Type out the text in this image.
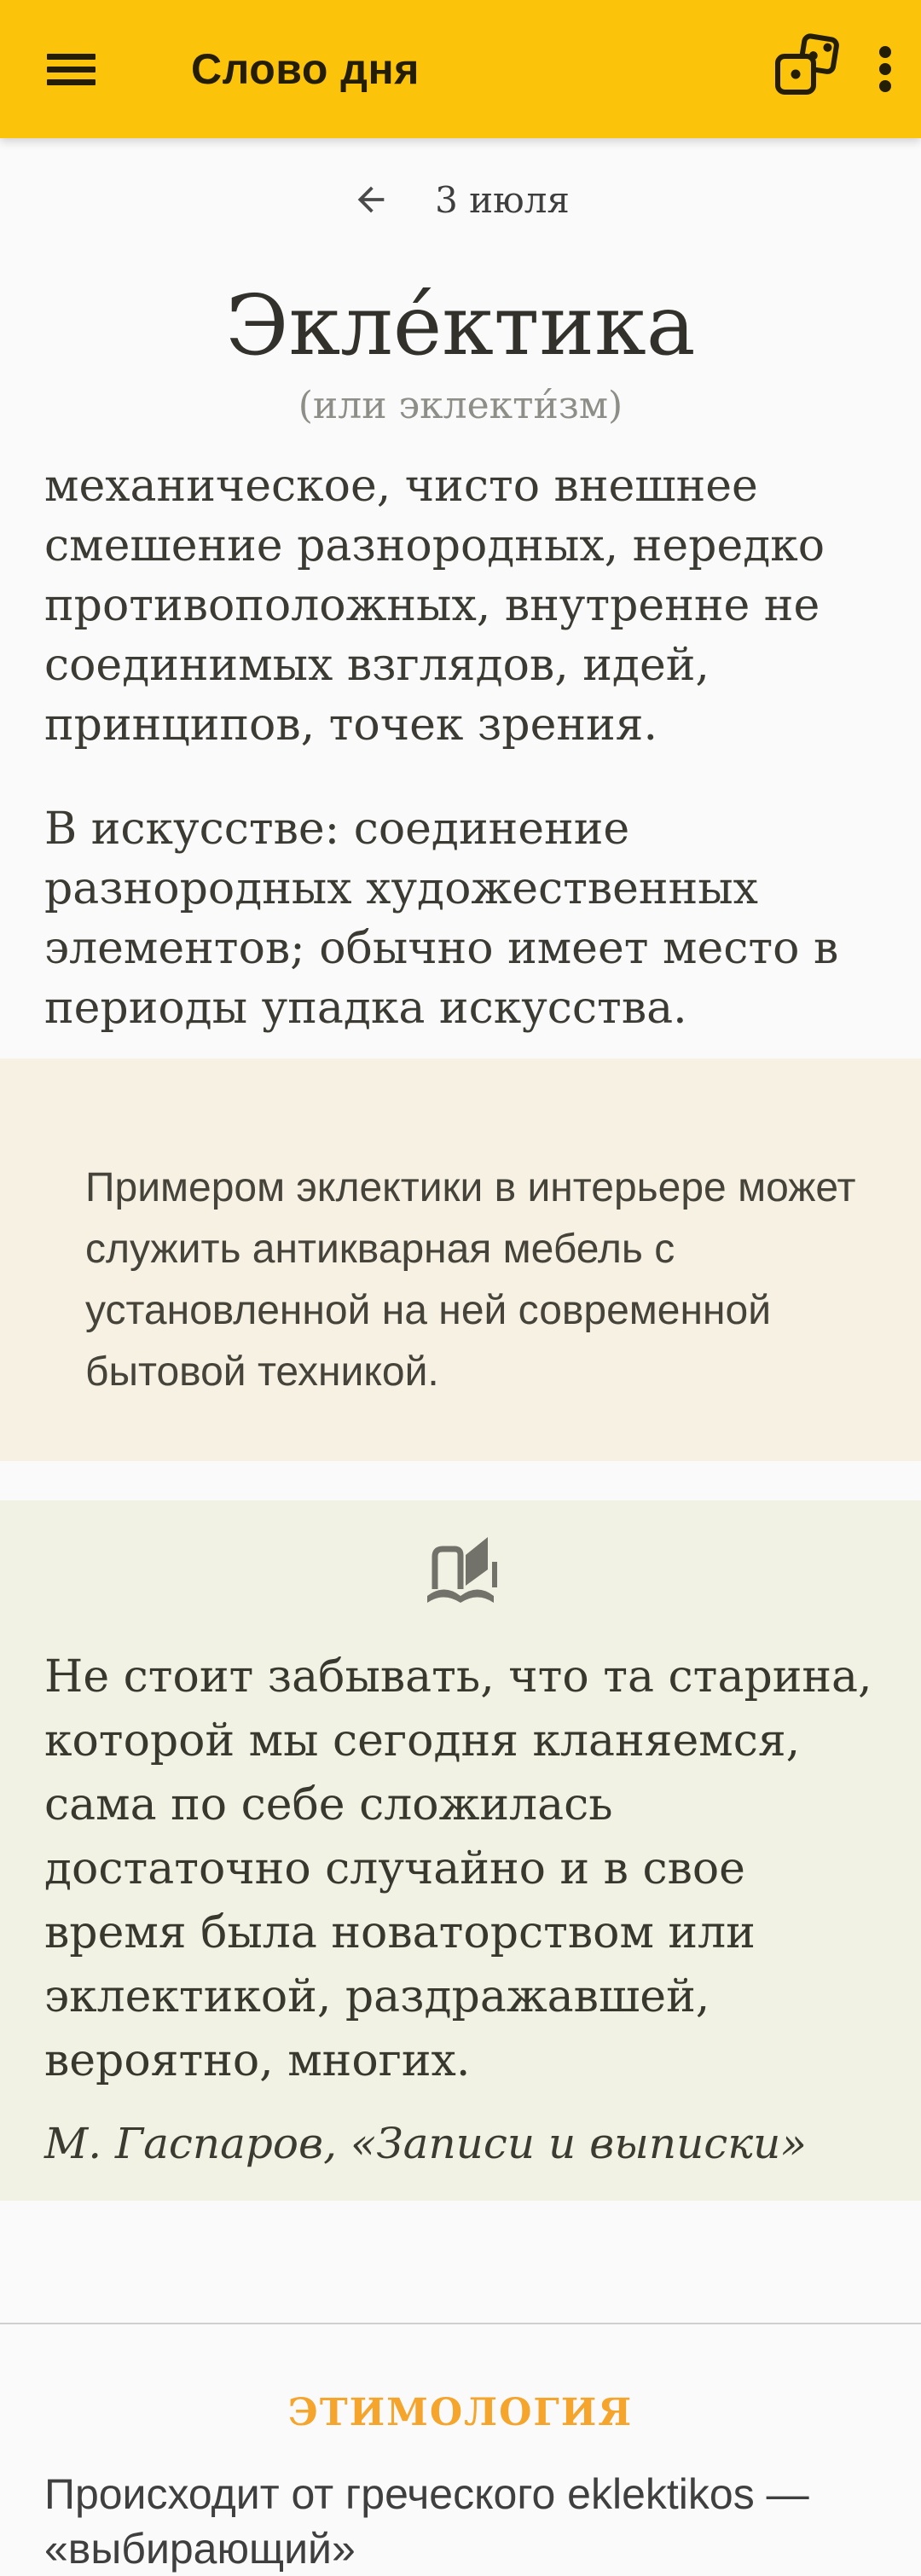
Слово дня
3 июля
Экле́ктика
(или эклекти́зм)

механическое, чисто внешнее смешение разнородных, нередко противоположных, внутренне не соединимых взглядов, идей, принципов, точек зрения.

В искусстве: соединение разнородных художественных элементов; обычно имеет место в периоды упадка искусства.

Примером эклектики в интерьере может служить антикварная мебель с установленной на ней современной бытовой техникой.

Не стоит забывать, что та старина, которой мы сегодня кланяемся, сама по себе сложилась достаточно случайно и в свое время была новаторством или эклектикой, раздражавшей, вероятно, многих.

М. Гаспаров, «Записи и выписки»

ЭТИМОЛОГИЯ

Происходит от греческого eklektikos — «выбирающий»
